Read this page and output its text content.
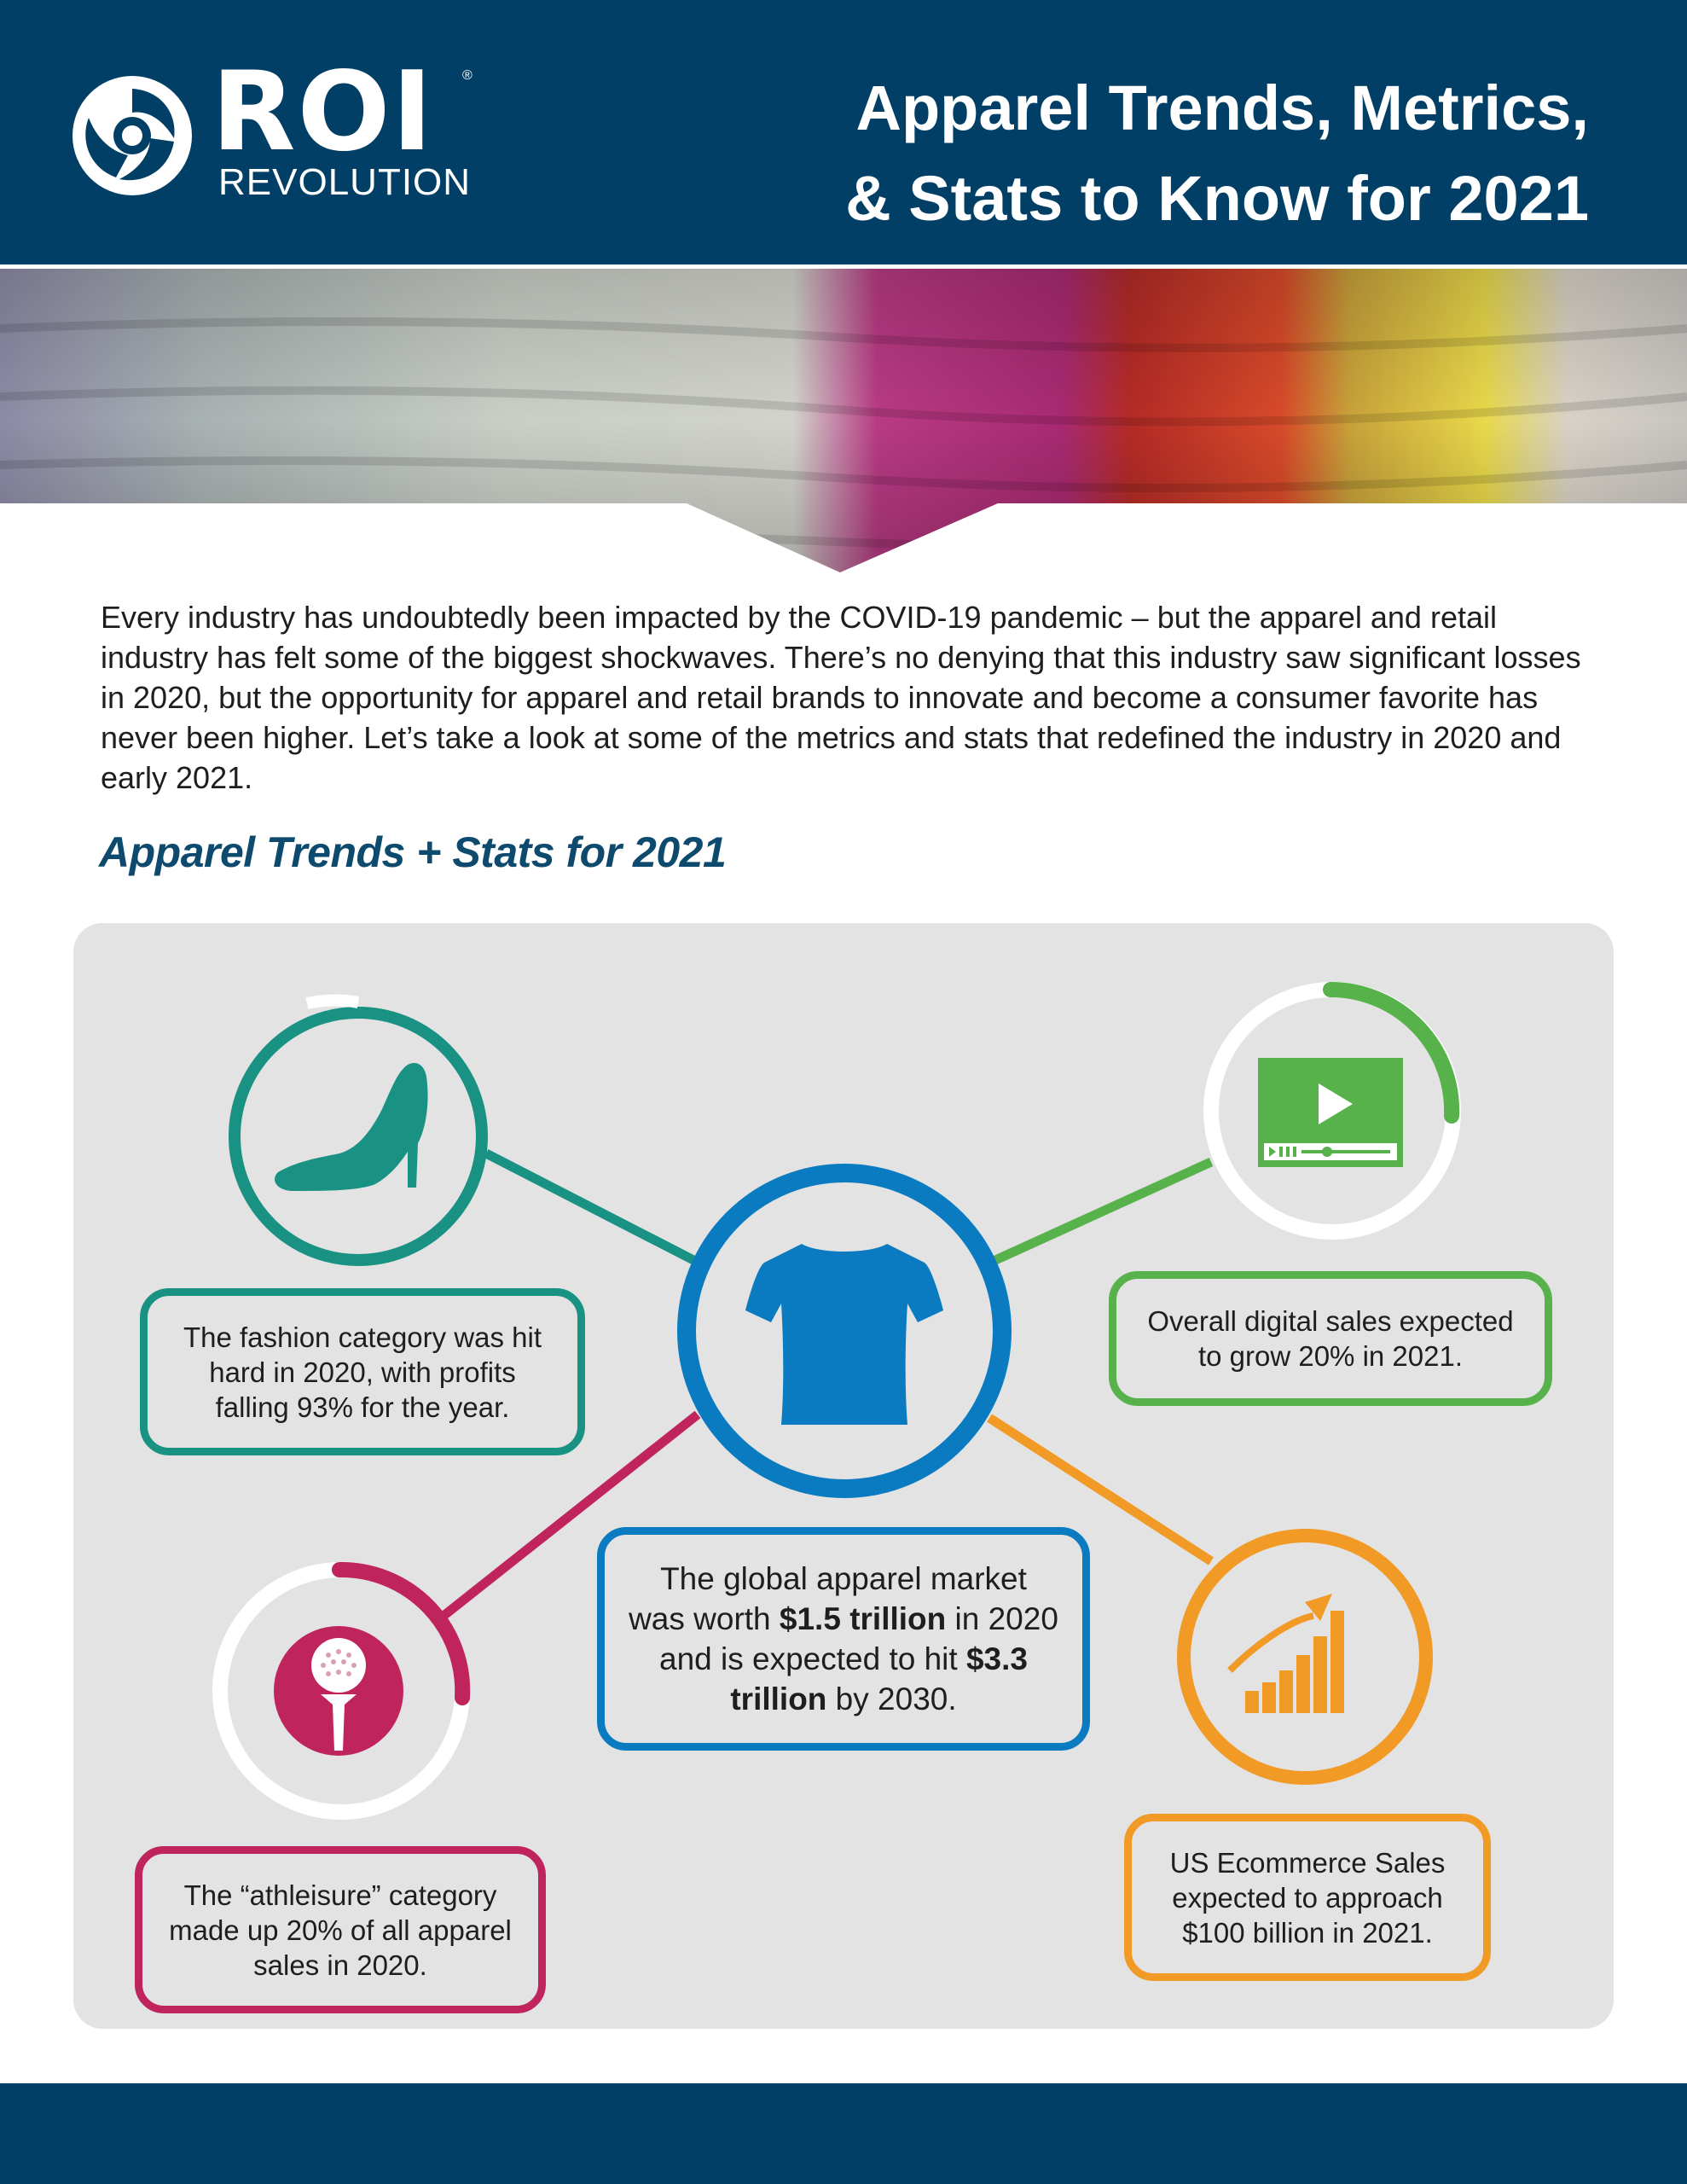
ROI ®
REVOLUTION
Apparel Trends, Metrics,
& Stats to Know for 2021
Every industry has undoubtedly been impacted by the COVID-19 pandemic – but the apparel and retail industry has felt some of the biggest shockwaves. There’s no denying that this industry saw significant losses in 2020, but the opportunity for apparel and retail brands to innovate and become a consumer favorite has never been higher. Let’s take a look at some of the metrics and stats that redefined the industry in 2020 and early 2021.
Apparel Trends + Stats for 2021
The fashion category was hit hard in 2020, with profits falling 93% for the year.
Overall digital sales expected to grow 20% in 2021.
The global apparel market was worth $1.5 trillion in 2020 and is expected to hit $3.3 trillion by 2030.
The “athleisure” category made up 20% of all apparel sales in 2020.
US Ecommerce Sales expected to approach $100 billion in 2021.
